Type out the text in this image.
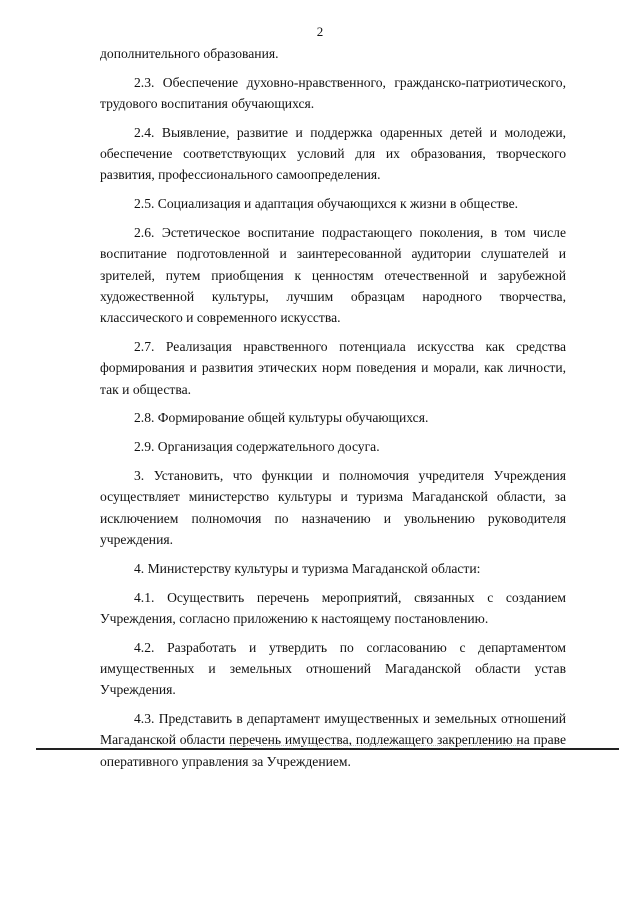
2

дополнительного образования.

2.3. Обеспечение духовно-нравственного, гражданско-патриотического, трудового воспитания обучающихся.

2.4. Выявление, развитие и поддержка одаренных детей и молодежи, обеспечение соответствующих условий для их образования, творческого развития, профессионального самоопределения.

2.5. Социализация и адаптация обучающихся к жизни в обществе.

2.6. Эстетическое воспитание подрастающего поколения, в том числе воспитание подготовленной и заинтересованной аудитории слушателей и зрителей, путем приобщения к ценностям отечественной и зарубежной художественной культуры, лучшим образцам народного творчества, классического и современного искусства.

2.7. Реализация нравственного потенциала искусства как средства формирования и развития этических норм поведения и морали, как личности, так и общества.

2.8. Формирование общей культуры обучающихся.

2.9. Организация содержательного досуга.

3. Установить, что функции и полномочия учредителя Учреждения осуществляет министерство культуры и туризма Магаданской области, за исключением полномочия по назначению и увольнению руководителя учреждения.

4. Министерству культуры и туризма Магаданской области:

4.1. Осуществить перечень мероприятий, связанных с созданием Учреждения, согласно приложению к настоящему постановлению.

4.2. Разработать и утвердить по согласованию с департаментом имущественных и земельных отношений Магаданской области устав Учреждения.

4.3. Представить в департамент имущественных и земельных отношений Магаданской области перечень имущества, подлежащего закреплению на праве оперативного управления за Учреждением.
